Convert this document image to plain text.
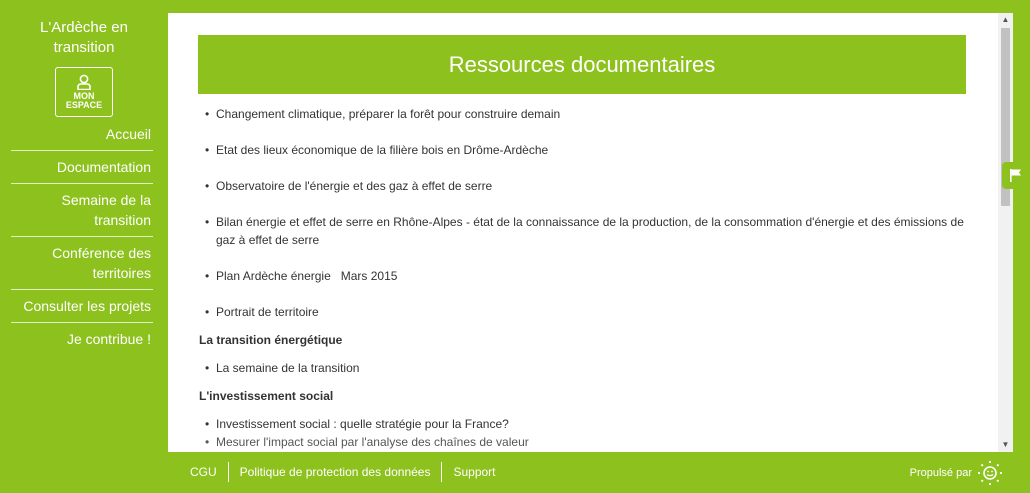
L'Ardèche en
transition
MON
ESPACE
Accueil
Documentation
Semaine de la
transition
Conférence des
territoires
Consulter les projets
Je contribue !
Ressources documentaires
• Changement climatique, préparer la forêt pour construire demain
• Etat des lieux économique de la filière bois en Drôme-Ardèche
• Observatoire de l'énergie et des gaz à effet de serre
• Bilan énergie et effet de serre en Rhône-Alpes - état de la connaissance de la production, de la consommation d'énergie et des émissions de gaz à effet de serre
• Plan Ardèche énergie   Mars 2015
• Portrait de territoire
La transition énergétique
• La semaine de la transition
L'investissement social
• Investissement social : quelle stratégie pour la France?
• Mesurer l'impact social par l'analyse des chaînes de valeur
▲
▼
CGU	Politique de protection des données	Support	Propulsé par
